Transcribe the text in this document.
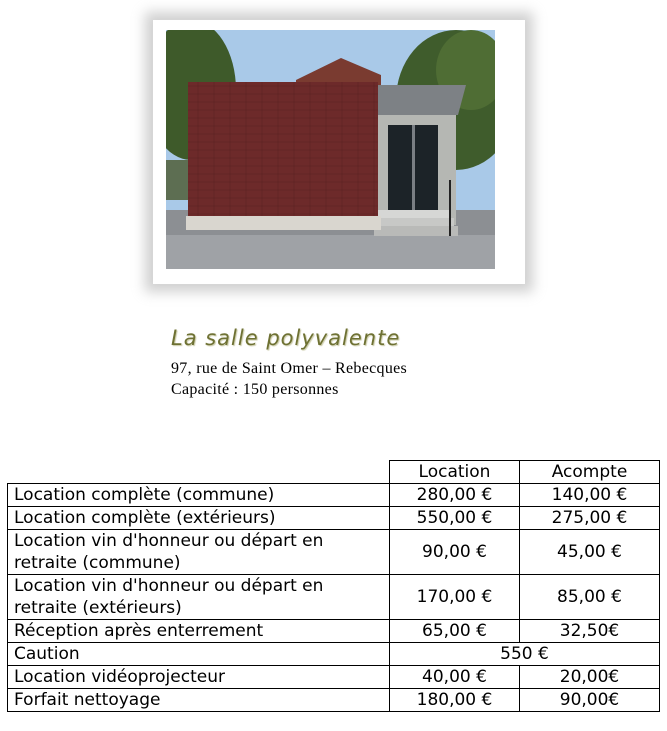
La salle polyvalente
97, rue de Saint Omer – Rebecques
Capacité : 150 personnes
	Location	Acompte
Location complète (commune)	280,00 €	140,00 €
Location complète (extérieurs)	550,00 €	275,00 €
Location vin d'honneur ou départ en retraite (commune)	90,00 €	45,00 €
Location vin d'honneur ou départ en retraite (extérieurs)	170,00 €	85,00 €
Réception après enterrement	65,00 €	32,50€
Caution	550 €	
Location vidéoprojecteur	40,00 €	20,00€
Forfait nettoyage	180,00 €	90,00€
